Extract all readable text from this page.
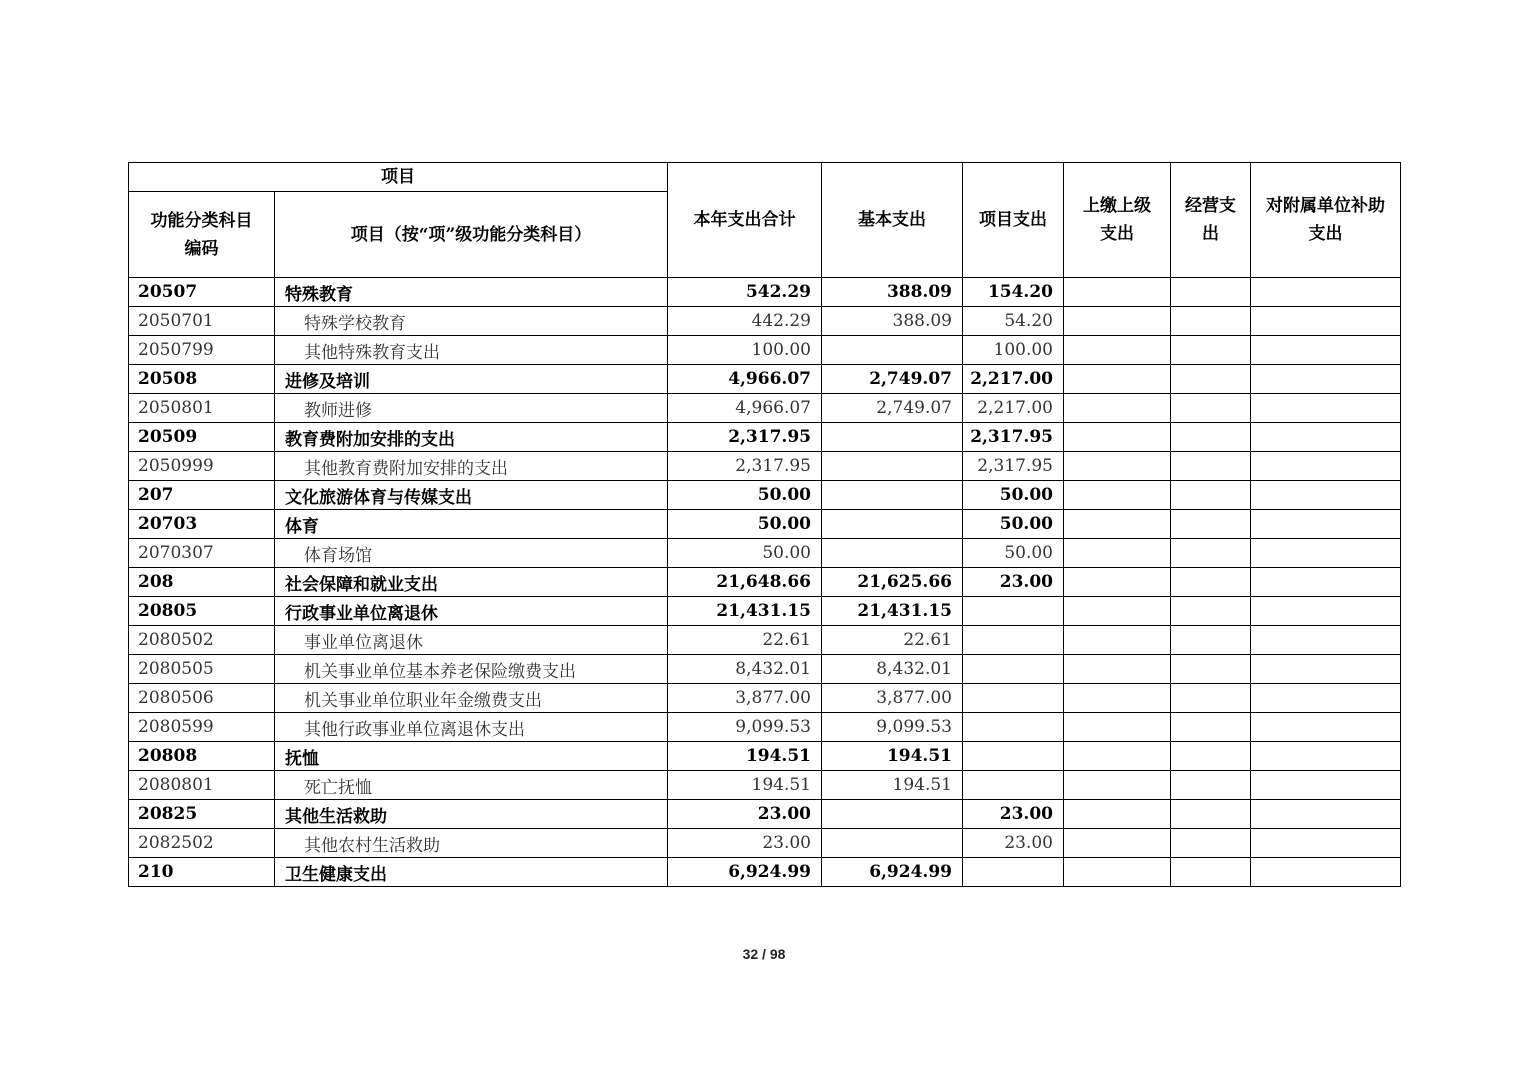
项目		本年支出合计	基本支出	项目支出	上缴上级支出	经营支出	对附属单位补助支出
功能分类科目编码	项目（按“项”级功能分类科目）						
20507	特殊教育	542.29	388.09	154.20			
2050701	特殊学校教育	442.29	388.09	54.20			
2050799	其他特殊教育支出	100.00		100.00			
20508	进修及培训	4,966.07	2,749.07	2,217.00			
2050801	教师进修	4,966.07	2,749.07	2,217.00			
20509	教育费附加安排的支出	2,317.95		2,317.95			
2050999	其他教育费附加安排的支出	2,317.95		2,317.95			
207	文化旅游体育与传媒支出	50.00		50.00			
20703	体育	50.00		50.00			
2070307	体育场馆	50.00		50.00			
208	社会保障和就业支出	21,648.66	21,625.66	23.00			
20805	行政事业单位离退休	21,431.15	21,431.15				
2080502	事业单位离退休	22.61	22.61				
2080505	机关事业单位基本养老保险缴费支出	8,432.01	8,432.01				
2080506	机关事业单位职业年金缴费支出	3,877.00	3,877.00				
2080599	其他行政事业单位离退休支出	9,099.53	9,099.53				
20808	抚恤	194.51	194.51				
2080801	死亡抚恤	194.51	194.51				
20825	其他生活救助	23.00		23.00			
2082502	其他农村生活救助	23.00		23.00			
210	卫生健康支出	6,924.99	6,924.99				
32 / 98
